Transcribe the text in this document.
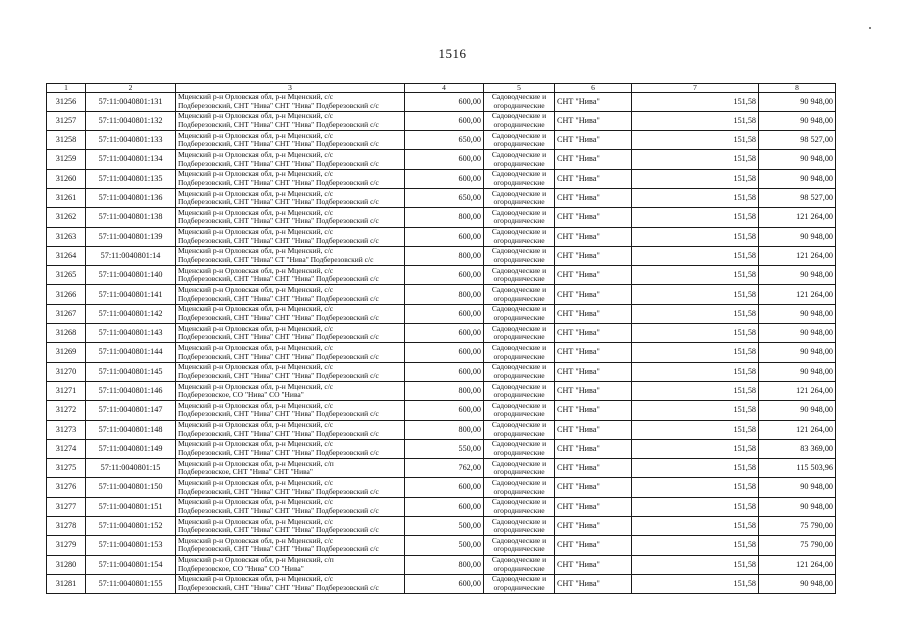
1516
1	2	3	4	5	6	7	8
31256	57:11:0040801:131	Мценский р-н Орловская обл, р-н Мценский, с/с
Подберезовский, СНТ "Нива" СНТ "Нива" Подберезовский с/с	600,00	Садоводческие и
огороднические	СНТ "Нива"	151,58	90 948,00
31257	57:11:0040801:132	Мценский р-н Орловская обл, р-н Мценский, с/с
Подберезовский, СНТ "Нива" СНТ "Нива" Подберезовский с/с	600,00	Садоводческие и
огороднические	СНТ "Нива"	151,58	90 948,00
31258	57:11:0040801:133	Мценский р-н Орловская обл, р-н Мценский, с/с
Подберезовский, СНТ "Нива" СНТ "Нива" Подберезовский с/с	650,00	Садоводческие и
огороднические	СНТ "Нива"	151,58	98 527,00
31259	57:11:0040801:134	Мценский р-н Орловская обл, р-н Мценский, с/с
Подберезовский, СНТ "Нива" СНТ "Нива" Подберезовский с/с	600,00	Садоводческие и
огороднические	СНТ "Нива"	151,58	90 948,00
31260	57:11:0040801:135	Мценский р-н Орловская обл, р-н Мценский, с/с
Подберезовский, СНТ "Нива" СНТ "Нива" Подберезовский с/с	600,00	Садоводческие и
огороднические	СНТ "Нива"	151,58	90 948,00
31261	57:11:0040801:136	Мценский р-н Орловская обл, р-н Мценский, с/с
Подберезовский, СНТ "Нива" СНТ "Нива" Подберезовский с/с	650,00	Садоводческие и
огороднические	СНТ "Нива"	151,58	98 527,00
31262	57:11:0040801:138	Мценский р-н Орловская обл, р-н Мценский, с/с
Подберезовский, СНТ "Нива" СНТ "Нива" Подберезовский с/с	800,00	Садоводческие и
огороднические	СНТ "Нива"	151,58	121 264,00
31263	57:11:0040801:139	Мценский р-н Орловская обл, р-н Мценский, с/с
Подберезовский, СНТ "Нива" СНТ "Нива" Подберезовский с/с	600,00	Садоводческие и
огороднические	СНТ "Нива"	151,58	90 948,00
31264	57:11:0040801:14	Мценский р-н Орловская обл, р-н Мценский, с/с
Подберезовский, СНТ "Нива" СТ "Нива" Подберезовский с/с	800,00	Садоводческие и
огороднические	СНТ "Нива"	151,58	121 264,00
31265	57:11:0040801:140	Мценский р-н Орловская обл, р-н Мценский, с/с
Подберезовский, СНТ "Нива" СНТ "Нива" Подберезовский с/с	600,00	Садоводческие и
огороднические	СНТ "Нива"	151,58	90 948,00
31266	57:11:0040801:141	Мценский р-н Орловская обл, р-н Мценский, с/с
Подберезовский, СНТ "Нива" СНТ "Нива" Подберезовский с/с	800,00	Садоводческие и
огороднические	СНТ "Нива"	151,58	121 264,00
31267	57:11:0040801:142	Мценский р-н Орловская обл, р-н Мценский, с/с
Подберезовский, СНТ "Нива" СНТ "Нива" Подберезовский с/с	600,00	Садоводческие и
огороднические	СНТ "Нива"	151,58	90 948,00
31268	57:11:0040801:143	Мценский р-н Орловская обл, р-н Мценский, с/с
Подберезовский, СНТ "Нива" СНТ "Нива" Подберезовский с/с	600,00	Садоводческие и
огороднические	СНТ "Нива"	151,58	90 948,00
31269	57:11:0040801:144	Мценский р-н Орловская обл, р-н Мценский, с/с
Подберезовский, СНТ "Нива" СНТ "Нива" Подберезовский с/с	600,00	Садоводческие и
огороднические	СНТ "Нива"	151,58	90 948,00
31270	57:11:0040801:145	Мценский р-н Орловская обл, р-н Мценский, с/с
Подберезовский, СНТ "Нива" СНТ "Нива" Подберезовский с/с	600,00	Садоводческие и
огороднические	СНТ "Нива"	151,58	90 948,00
31271	57:11:0040801:146	Мценский р-н Орловская обл, р-н Мценский, с/с
Подберезовское, СО "Нива" СО "Нива"	800,00	Садоводческие и
огороднические	СНТ "Нива"	151,58	121 264,00
31272	57:11:0040801:147	Мценский р-н Орловская обл, р-н Мценский, с/с
Подберезовский, СНТ "Нива" СНТ "Нива" Подберезовский с/с	600,00	Садоводческие и
огороднические	СНТ "Нива"	151,58	90 948,00
31273	57:11:0040801:148	Мценский р-н Орловская обл, р-н Мценский, с/с
Подберезовский, СНТ "Нива" СНТ "Нива" Подберезовский с/с	800,00	Садоводческие и
огороднические	СНТ "Нива"	151,58	121 264,00
31274	57:11:0040801:149	Мценский р-н Орловская обл, р-н Мценский, с/с
Подберезовский, СНТ "Нива" СНТ "Нива" Подберезовский с/с	550,00	Садоводческие и
огороднические	СНТ "Нива"	151,58	83 369,00
31275	57:11:0040801:15	Мценский р-н Орловская обл, р-н Мценский, с/п
Подберезовское, СНТ "Нива" СНТ "Нива"	762,00	Садоводческие и
огороднические	СНТ "Нива"	151,58	115 503,96
31276	57:11:0040801:150	Мценский р-н Орловская обл, р-н Мценский, с/с
Подберезовский, СНТ "Нива" СНТ "Нива" Подберезовский с/с	600,00	Садоводческие и
огороднические	СНТ "Нива"	151,58	90 948,00
31277	57:11:0040801:151	Мценский р-н Орловская обл, р-н Мценский, с/с
Подберезовский, СНТ "Нива" СНТ "Нива" Подберезовский с/с	600,00	Садоводческие и
огороднические	СНТ "Нива"	151,58	90 948,00
31278	57:11:0040801:152	Мценский р-н Орловская обл, р-н Мценский, с/с
Подберезовский, СНТ "Нива" СНТ "Нива" Подберезовский с/с	500,00	Садоводческие и
огороднические	СНТ "Нива"	151,58	75 790,00
31279	57:11:0040801:153	Мценский р-н Орловская обл, р-н Мценский, с/с
Подберезовский, СНТ "Нива" СНТ "Нива" Подберезовский с/с	500,00	Садоводческие и
огороднические	СНТ "Нива"	151,58	75 790,00
31280	57:11:0040801:154	Мценский р-н Орловская обл, р-н Мценский, с/п
Подберезовское, СО "Нива" СО "Нива"	800,00	Садоводческие и
огороднические	СНТ "Нива"	151,58	121 264,00
31281	57:11:0040801:155	Мценский р-н Орловская обл, р-н Мценский, с/с
Подберезовский, СНТ "Нива" СНТ "Нива" Подберезовский с/с	600,00	Садоводческие и
огороднические	СНТ "Нива"	151,58	90 948,00
